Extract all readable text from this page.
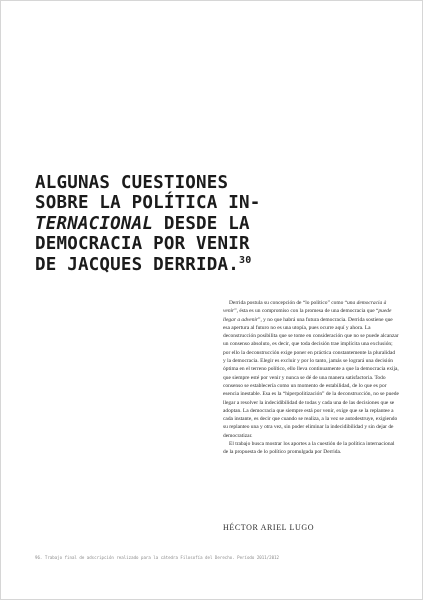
ALGUNAS CUESTIONES
SOBRE LA POLÍTICA IN-
TERNACIONAL DESDE LA
DEMOCRACIA POR VENIR
DE JACQUES DERRIDA.$^{30}$

Derrida postula su concepción de “lo político” como “una democracia à venir”, ésta es un compromiso con la promesa de una democracia que “puede llegar a advenir”, y no que habrá una futura democracia. Derrida sostiene que esa apertura al futuro no es una utopía, pues ocurre aquí y ahora. La deconstrucción posibilita que se tome en consideración que no se puede alcanzar un consenso absoluto, es decir, que toda decisión trae implícita una exclusión; por ello la deconstrucción exige poner en práctica constantemente la pluralidad y la democracia. Elegir es excluir y por lo tanto, jamás se logrará una decisión óptima en el terreno político, ello lleva continuamente a que la democracia exija, que siempre esté por venir y nunca se dé de una manera satisfactoria. Todo consenso se establecería como un momento de estabilidad, de lo que es por esencia inestable. Esa es la “hiperpolitización” de la deconstrucción, no se puede llegar a resolver la indecidibilidad de todas y cada una de las decisiones que se adoptan. La democracia que siempre está por venir, exige que se la replantee a cada instante, es decir que cuando se realiza, a la vez se autodestruye, exigiendo su replanteo una y otra vez, sin poder eliminar la indecidibilidad y sin dejar de democratizar.

El trabajo busca mostrar los aportes a la cuestión de la política internacional de la propuesta de lo político promulgada por Derrida.

HÉCTOR ARIEL LUGO
96. Trabajo final de adscripción realizado para la cátedra Filosofía del Derecho. Período 2011/2012
